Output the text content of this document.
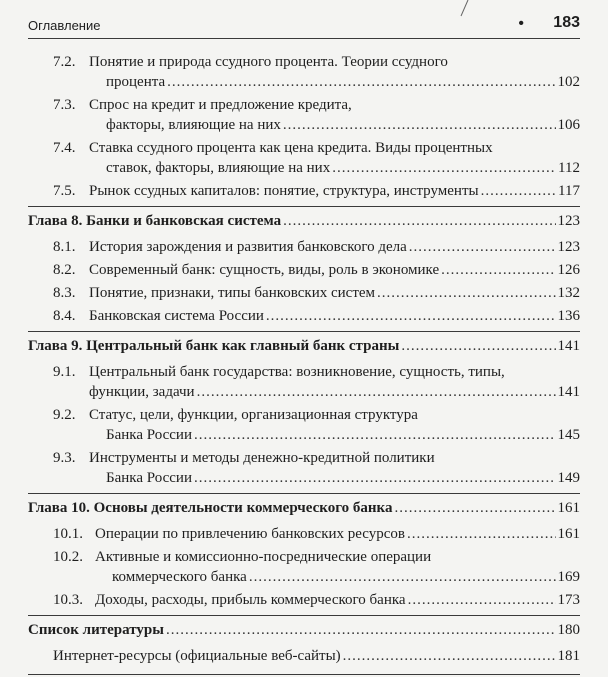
Оглавление	• 183
7.2. Понятие и природа ссудного процента. Теории ссудного
процента .....	102
7.3. Спрос на кредит и предложение кредита,
факторы, влияющие на них .....	106
7.4. Ставка ссудного процента как цена кредита. Виды процентных
ставок, факторы, влияющие на них .....	112
7.5. Рынок ссудных капиталов: понятие, структура, инструменты .....	117
Глава 8. Банки и банковская система .....	123
8.1. История зарождения и развития банковского дела .....	123
8.2. Современный банк: сущность, виды, роль в экономике .....	126
8.3. Понятие, признаки, типы банковских систем .....	132
8.4. Банковская система России .....	136
Глава 9. Центральный банк как главный банк страны .....	141
9.1. Центральный банк государства: возникновение, сущность, типы,
функции, задачи .....	141
9.2. Статус, цели, функции, организационная структура
Банка России .....	145
9.3. Инструменты и методы денежно-кредитной политики
Банка России .....	149
Глава 10. Основы деятельности коммерческого банка .....	161
10.1. Операции по привлечению банковских ресурсов .....	161
10.2. Активные и комиссионно-посреднические операции
коммерческого банка .....	169
10.3. Доходы, расходы, прибыль коммерческого банка .....	173
Список литературы .....	180
Интернет-ресурсы (официальные веб-сайты) .....	181
